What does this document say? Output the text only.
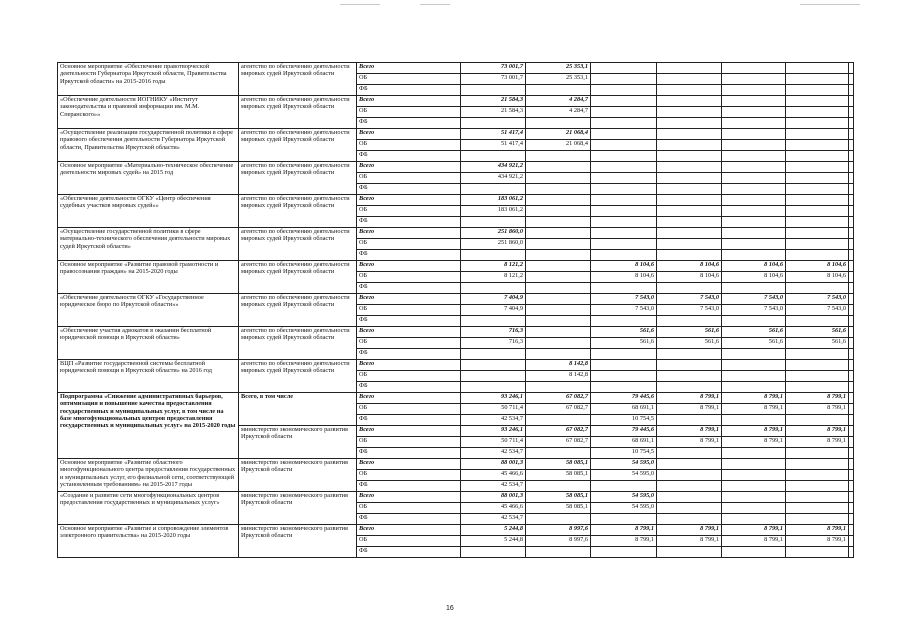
Основное мероприятие «Обеспечение правотворческой деятельности Губернатора Иркутской области, Правительства Иркутской области» на 2015-2016 годы	агентство по обеспечению деятельности мировых судей Иркутской области	Всего	73 001,7	25 353,1					
		ОБ	73 001,7	25 353,1					
		ФБ							
«Обеспечение деятельности ИОГНИКУ «Институт законодательства и правовой информации им. М.М. Сперанского»»	агентство по обеспечению деятельности мировых судей Иркутской области	Всего	21 584,3	4 284,7					
		ОБ	21 584,3	4 284,7					
		ФБ							
«Осуществление реализации государственной политики в сфере правового обеспечения деятельности Губернатора Иркутской области, Правительства Иркутской области»	агентство по обеспечению деятельности мировых судей Иркутской области	Всего	51 417,4	21 068,4					
		ОБ	51 417,4	21 068,4					
		ФБ							
Основное мероприятие «Материально-техническое обеспечение деятельности мировых судей» на 2015 год	агентство по обеспечению деятельности мировых судей Иркутской области	Всего	434 921,2						
		ОБ	434 921,2						
		ФБ							
«Обеспечение деятельности ОГКУ «Центр обеспечения судебных участков мировых судей»»	агентство по обеспечению деятельности мировых судей Иркутской области	Всего	183 061,2						
		ОБ	183 061,2						
		ФБ							
«Осуществление государственной политики в сфере материально-технического обеспечения деятельности мировых судей Иркутской области»	агентство по обеспечению деятельности мировых судей Иркутской области	Всего	251 860,0						
		ОБ	251 860,0						
		ФБ							
Основное мероприятие «Развитие правовой грамотности и правосознания граждан» на 2015-2020 годы	агентство по обеспечению деятельности мировых судей Иркутской области	Всего	8 121,2		8 104,6	8 104,6	8 104,6	8 104,6	
		ОБ	8 121,2		8 104,6	8 104,6	8 104,6	8 104,6	
		ФБ							
«Обеспечение деятельности ОГКУ «Государственное юридическое бюро по Иркутской области»»	агентство по обеспечению деятельности мировых судей Иркутской области	Всего	7 404,9		7 543,0	7 543,0	7 543,0	7 543,0	
		ОБ	7 404,9		7 543,0	7 543,0	7 543,0	7 543,0	
		ФБ							
«Обеспечение участия адвокатов в оказании бесплатной юридической помощи в Иркутской области»	агентство по обеспечению деятельности мировых судей Иркутской области	Всего	716,3		561,6	561,6	561,6	561,6	
		ОБ	716,3		561,6	561,6	561,6	561,6	
		ФБ							
ВЦП «Развитие государственной системы бесплатной юридической помощи в Иркутской области» на 2016 год	агентство по обеспечению деятельности мировых судей Иркутской области	Всего		8 142,8					
		ОБ		8 142,8					
		ФБ							
Подпрограмма «Снижение административных барьеров, оптимизация и повышение качества предоставления государственных и муниципальных услуг, в том числе на базе многофункциональных центров предоставления государственных и муниципальных услуг» на 2015-2020 годы	Всего, в том числе	Всего	93 246,1	67 082,7	79 445,6	8 799,1	8 799,1	8 799,1	
		ОБ	50 711,4	67 082,7	68 691,1	8 799,1	8 799,1	8 799,1	
		ФБ	42 534,7		10 754,5				
	министерство экономического развития Иркутской области	Всего	93 246,1	67 082,7	79 445,6	8 799,1	8 799,1	8 799,1	
		ОБ	50 711,4	67 082,7	68 691,1	8 799,1	8 799,1	8 799,1	
		ФБ	42 534,7		10 754,5				
Основное мероприятие «Развитие областного многофункционального центра предоставления государственных и муниципальных услуг, его филиальной сети, соответствующей установленным требованиям» на 2015-2017 годы	министерство экономического развития Иркутской области	Всего	88 001,3	58 085,1	54 595,0				
		ОБ	45 466,6	58 085,1	54 595,0				
		ФБ	42 534,7						
«Создание и развитие сети многофункциональных центров предоставления государственных и муниципальных услуг»	министерство экономического развития Иркутской области	Всего	88 001,3	58 085,1	54 595,0				
		ОБ	45 466,6	58 085,1	54 595,0				
		ФБ	42 534,7						
Основное мероприятие «Развитие и сопровождение элементов электронного правительства» на 2015-2020 годы	министерство экономического развития Иркутской области	Всего	5 244,8	8 997,6	8 799,1	8 799,1	8 799,1	8 799,1	
		ОБ	5 244,8	8 997,6	8 799,1	8 799,1	8 799,1	8 799,1	
		ФБ							
16
